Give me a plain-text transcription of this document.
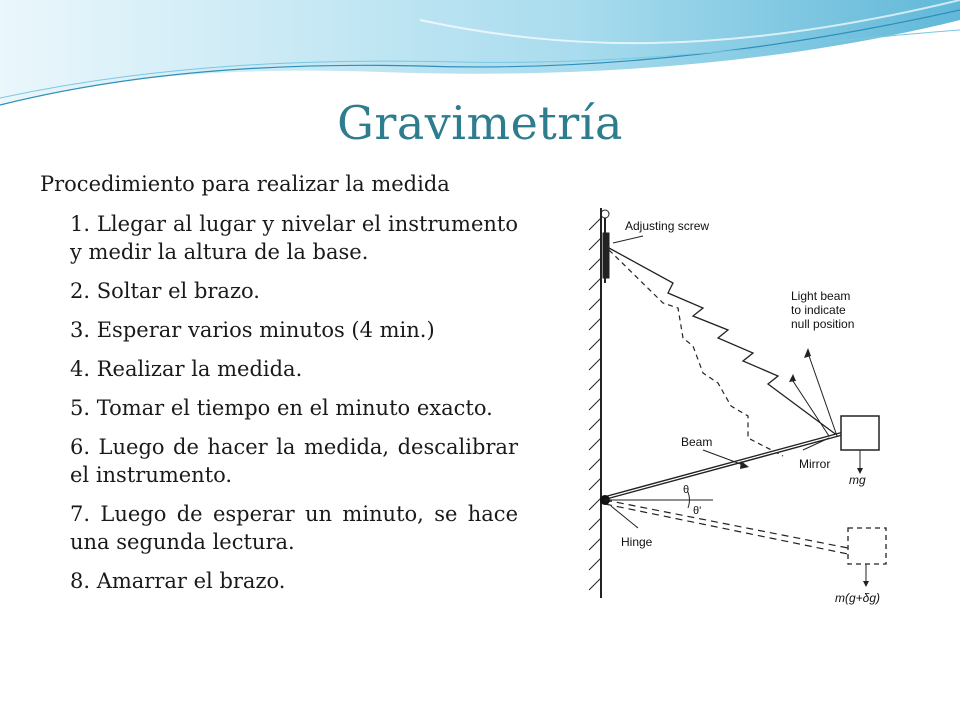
Gravimetría
Procedimiento para realizar la medida
1. Llegar al lugar y nivelar el instrumento y medir la altura de la base.
2. Soltar el brazo.
3. Esperar varios minutos (4 min.)
4. Realizar la medida.
5. Tomar el tiempo en el minuto exacto.
6. Luego de hacer la medida, descalibrar el instrumento.
7. Luego de esperar un minuto, se hace una segunda lectura.
8. Amarrar el brazo.
θ
θ'
Adjusting screw
Light beam
to indicate
null position
Beam
Mirror
Hinge
mg
m(g+δg)
